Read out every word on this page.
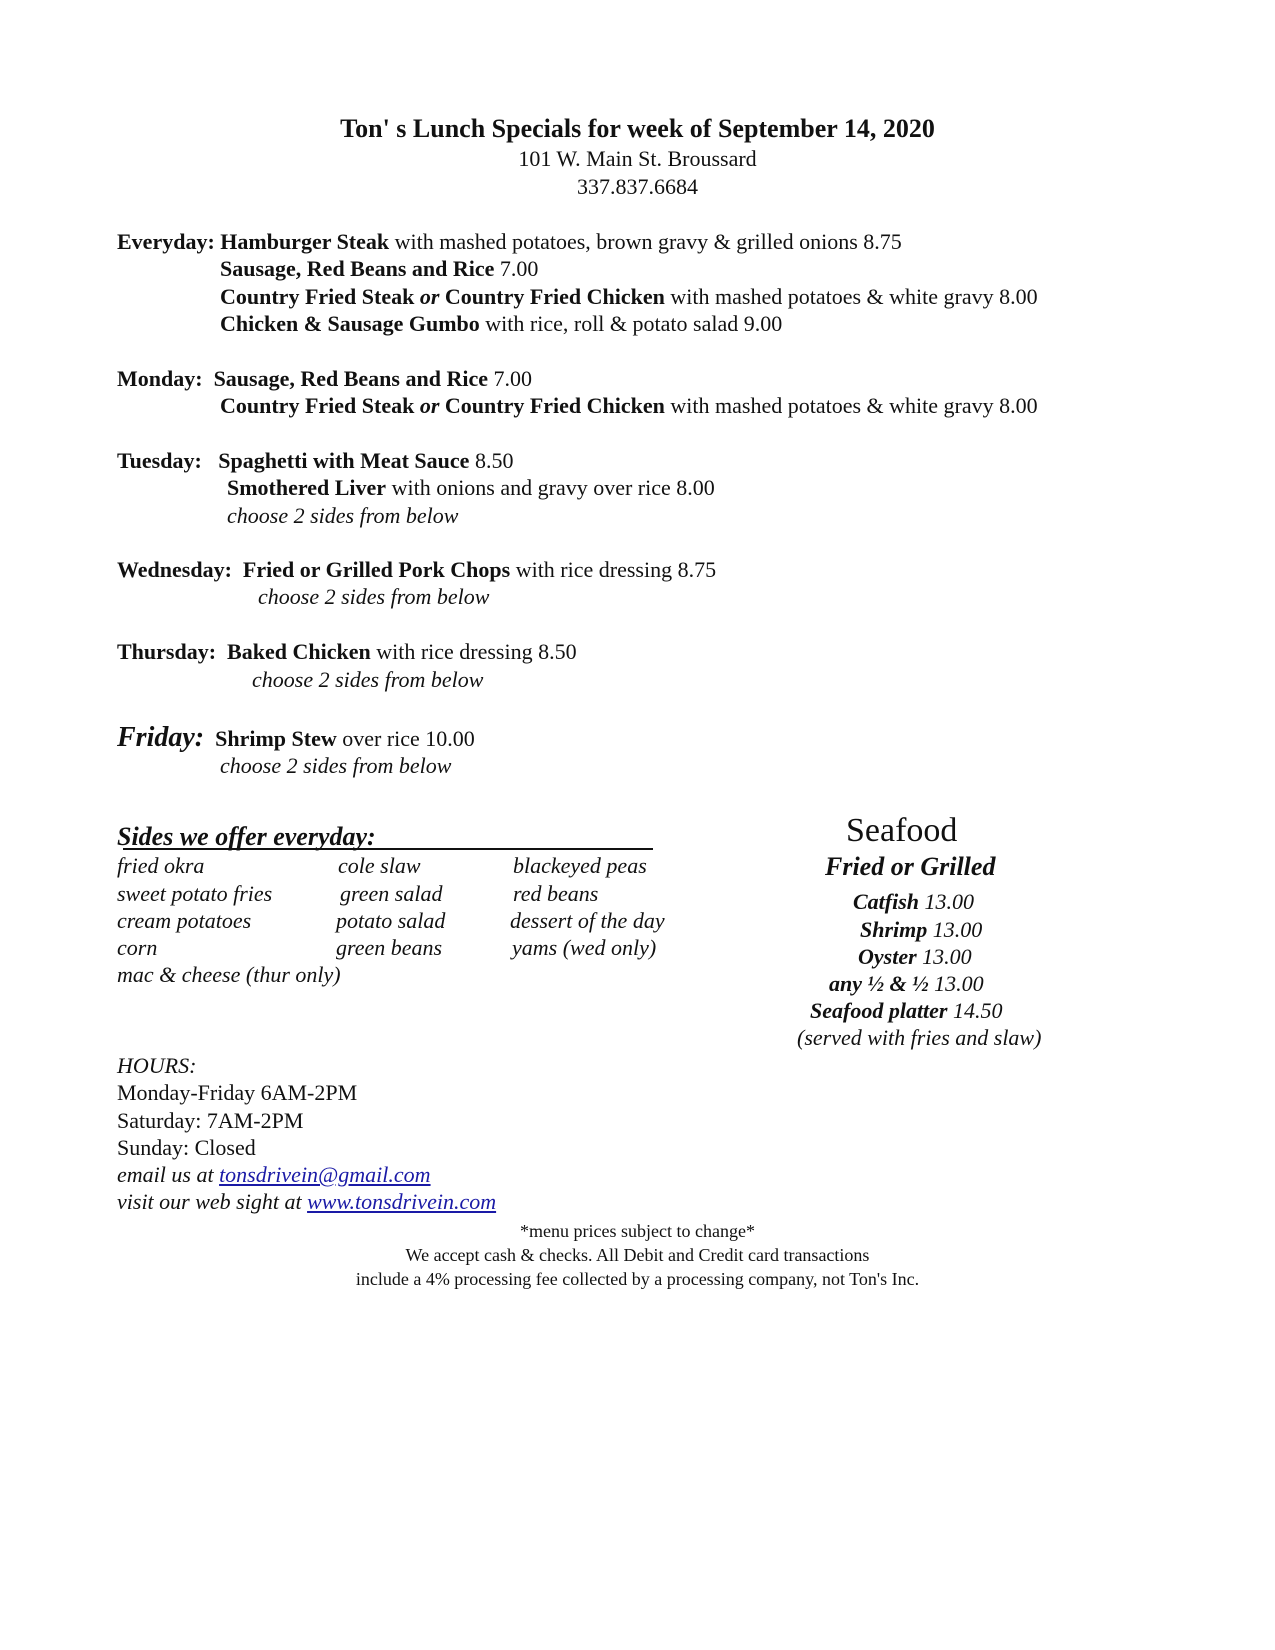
Ton' s Lunch Specials for week of September 14, 2020
101 W. Main St. Broussard
337.837.6684
Everyday: Hamburger Steak with mashed potatoes, brown gravy & grilled onions 8.75
Sausage, Red Beans and Rice 7.00
Country Fried Steak or Country Fried Chicken with mashed potatoes & white gravy 8.00
Chicken & Sausage Gumbo with rice, roll & potato salad 9.00
Monday: Sausage, Red Beans and Rice 7.00
Country Fried Steak or Country Fried Chicken with mashed potatoes & white gravy 8.00
Tuesday: Spaghetti with Meat Sauce 8.50
Smothered Liver with onions and gravy over rice 8.00
choose 2 sides from below
Wednesday: Fried or Grilled Pork Chops with rice dressing 8.75
choose 2 sides from below
Thursday: Baked Chicken with rice dressing 8.50
choose 2 sides from below
Friday: Shrimp Stew over rice 10.00
choose 2 sides from below
Sides we offer everyday:
fried okra
sweet potato fries
cream potatoes
corn
mac & cheese (thur only)
cole slaw
green salad
potato salad
green beans
blackeyed peas
red beans
dessert of the day
yams (wed only)
Seafood
Fried or Grilled
Catfish 13.00
Shrimp 13.00
Oyster 13.00
any ½ & ½ 13.00
Seafood platter 14.50
(served with fries and slaw)
HOURS:
Monday-Friday 6AM-2PM
Saturday: 7AM-2PM
Sunday: Closed
email us at tonsdrivein@gmail.com
visit our web sight at www.tonsdrivein.com
*menu prices subject to change*
We accept cash & checks. All Debit and Credit card transactions
include a 4% processing fee collected by a processing company, not Ton's Inc.
